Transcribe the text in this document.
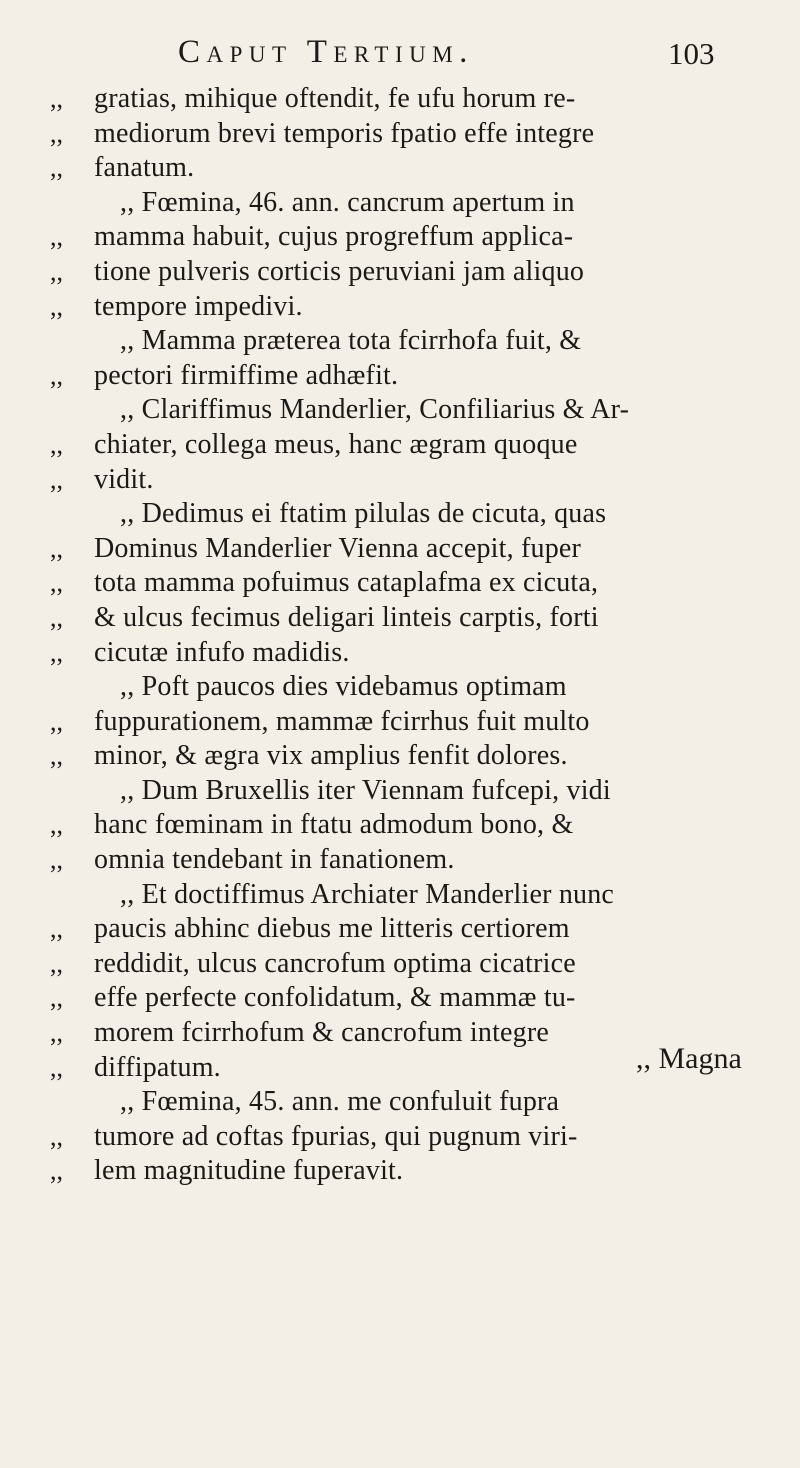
Caput Tertium.	103
,, gratias, mihique oftendit, fe ufu horum re-
,, mediorum brevi temporis fpatio effe integre
,, fanatum.
,, Fœmina, 46. ann. cancrum apertum in
,, mamma habuit, cujus progreffum applica-
,, tione pulveris corticis peruviani jam aliquo
,, tempore impedivi.
,, Mamma præterea tota fcirrhofa fuit, &
,, pectori firmiffime adhæfit.
,, Clariffimus Manderlier, Confiliarius & Ar-
,, chiater, collega meus, hanc ægram quoque
,, vidit.
,, Dedimus ei ftatim pilulas de cicuta, quas
,, Dominus Manderlier Vienna accepit, fuper
,, tota mamma pofuimus cataplafma ex cicuta,
,, & ulcus fecimus deligari linteis carptis, forti
,, cicutæ infufo madidis.
,, Poft paucos dies videbamus optimam
,, fuppurationem, mammæ fcirrhus fuit multo
,, minor, & ægra vix amplius fenfit dolores.
,, Dum Bruxellis iter Viennam fufcepi, vidi
,, hanc fœminam in ftatu admodum bono, &
,, omnia tendebant in fanationem.
,, Et doctiffimus Archiater Manderlier nunc
,, paucis abhinc diebus me litteris certiorem
,, reddidit, ulcus cancrofum optima cicatrice
,, effe perfecte confolidatum, & mammæ tu-
,, morem fcirrhofum & cancrofum integre
,, diffipatum.
,, Fœmina, 45. ann. me confuluit fupra
,, tumore ad coftas fpurias, qui pugnum viri-
,, lem magnitudine fuperavit.
,, Magna
